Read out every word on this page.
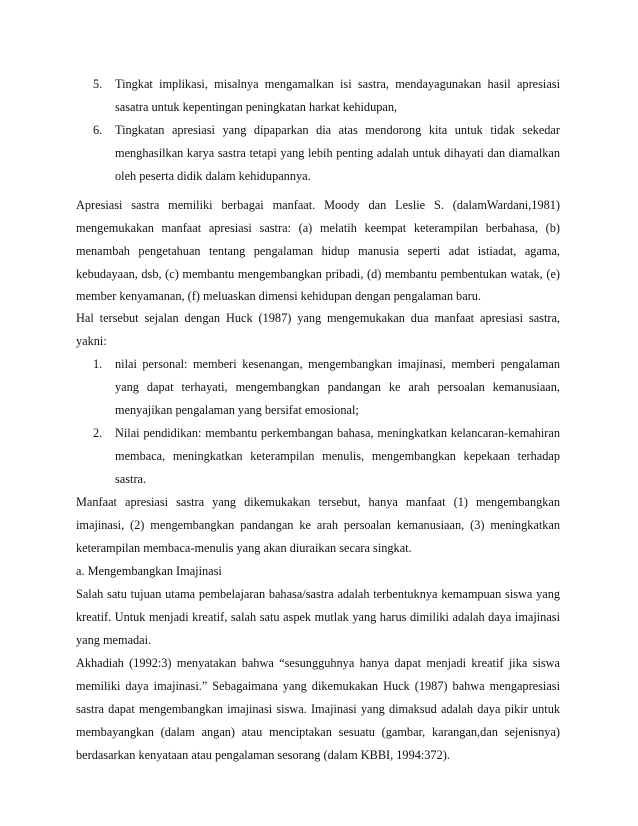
5. Tingkat implikasi, misalnya mengamalkan isi sastra, mendayagunakan hasil apresiasi
sasatra untuk kepentingan peningkatan harkat kehidupan,
6. Tingkatan apresiasi yang dipaparkan dia atas mendorong kita untuk tidak sekedar
menghasilkan karya sastra tetapi yang lebih penting adalah untuk dihayati dan diamalkan
oleh peserta didik dalam kehidupannya.
Apresiasi sastra memiliki berbagai manfaat. Moody dan Leslie S. (dalamWardani,1981)
mengemukakan manfaat apresiasi sastra: (a) melatih keempat keterampilan berbahasa, (b)
menambah pengetahuan tentang pengalaman hidup manusia seperti adat istiadat, agama,
kebudayaan, dsb, (c) membantu mengembangkan pribadi, (d) membantu pembentukan watak, (e)
member kenyamanan, (f) meluaskan dimensi kehidupan dengan pengalaman baru.
Hal tersebut sejalan dengan Huck (1987) yang mengemukakan dua manfaat apresiasi sastra,
yakni:
1. nilai personal: memberi kesenangan, mengembangkan imajinasi, memberi pengalaman
yang dapat terhayati, mengembangkan pandangan ke arah persoalan kemanusiaan,
menyajikan pengalaman yang bersifat emosional;
2. Nilai pendidikan: membantu perkembangan bahasa, meningkatkan kelancaran-kemahiran
membaca, meningkatkan keterampilan menulis, mengembangkan kepekaan terhadap
sastra.
Manfaat apresiasi sastra yang dikemukakan tersebut, hanya manfaat (1) mengembangkan
imajinasi, (2) mengembangkan pandangan ke arah persoalan kemanusiaan, (3) meningkatkan
keterampilan membaca-menulis yang akan diuraikan secara singkat.
a. Mengembangkan Imajinasi
Salah satu tujuan utama pembelajaran bahasa/sastra adalah terbentuknya kemampuan siswa yang
kreatif. Untuk menjadi kreatif, salah satu aspek mutlak yang harus dimiliki adalah daya imajinasi
yang memadai.
Akhadiah (1992:3) menyatakan bahwa “sesungguhnya hanya dapat menjadi kreatif jika siswa
memiliki daya imajinasi.” Sebagaimana yang dikemukakan Huck (1987) bahwa mengapresiasi
sastra dapat mengembangkan imajinasi siswa. Imajinasi yang dimaksud adalah daya pikir untuk
membayangkan (dalam angan) atau menciptakan sesuatu (gambar, karangan,dan sejenisnya)
berdasarkan kenyataan atau pengalaman sesorang (dalam KBBI, 1994:372).
